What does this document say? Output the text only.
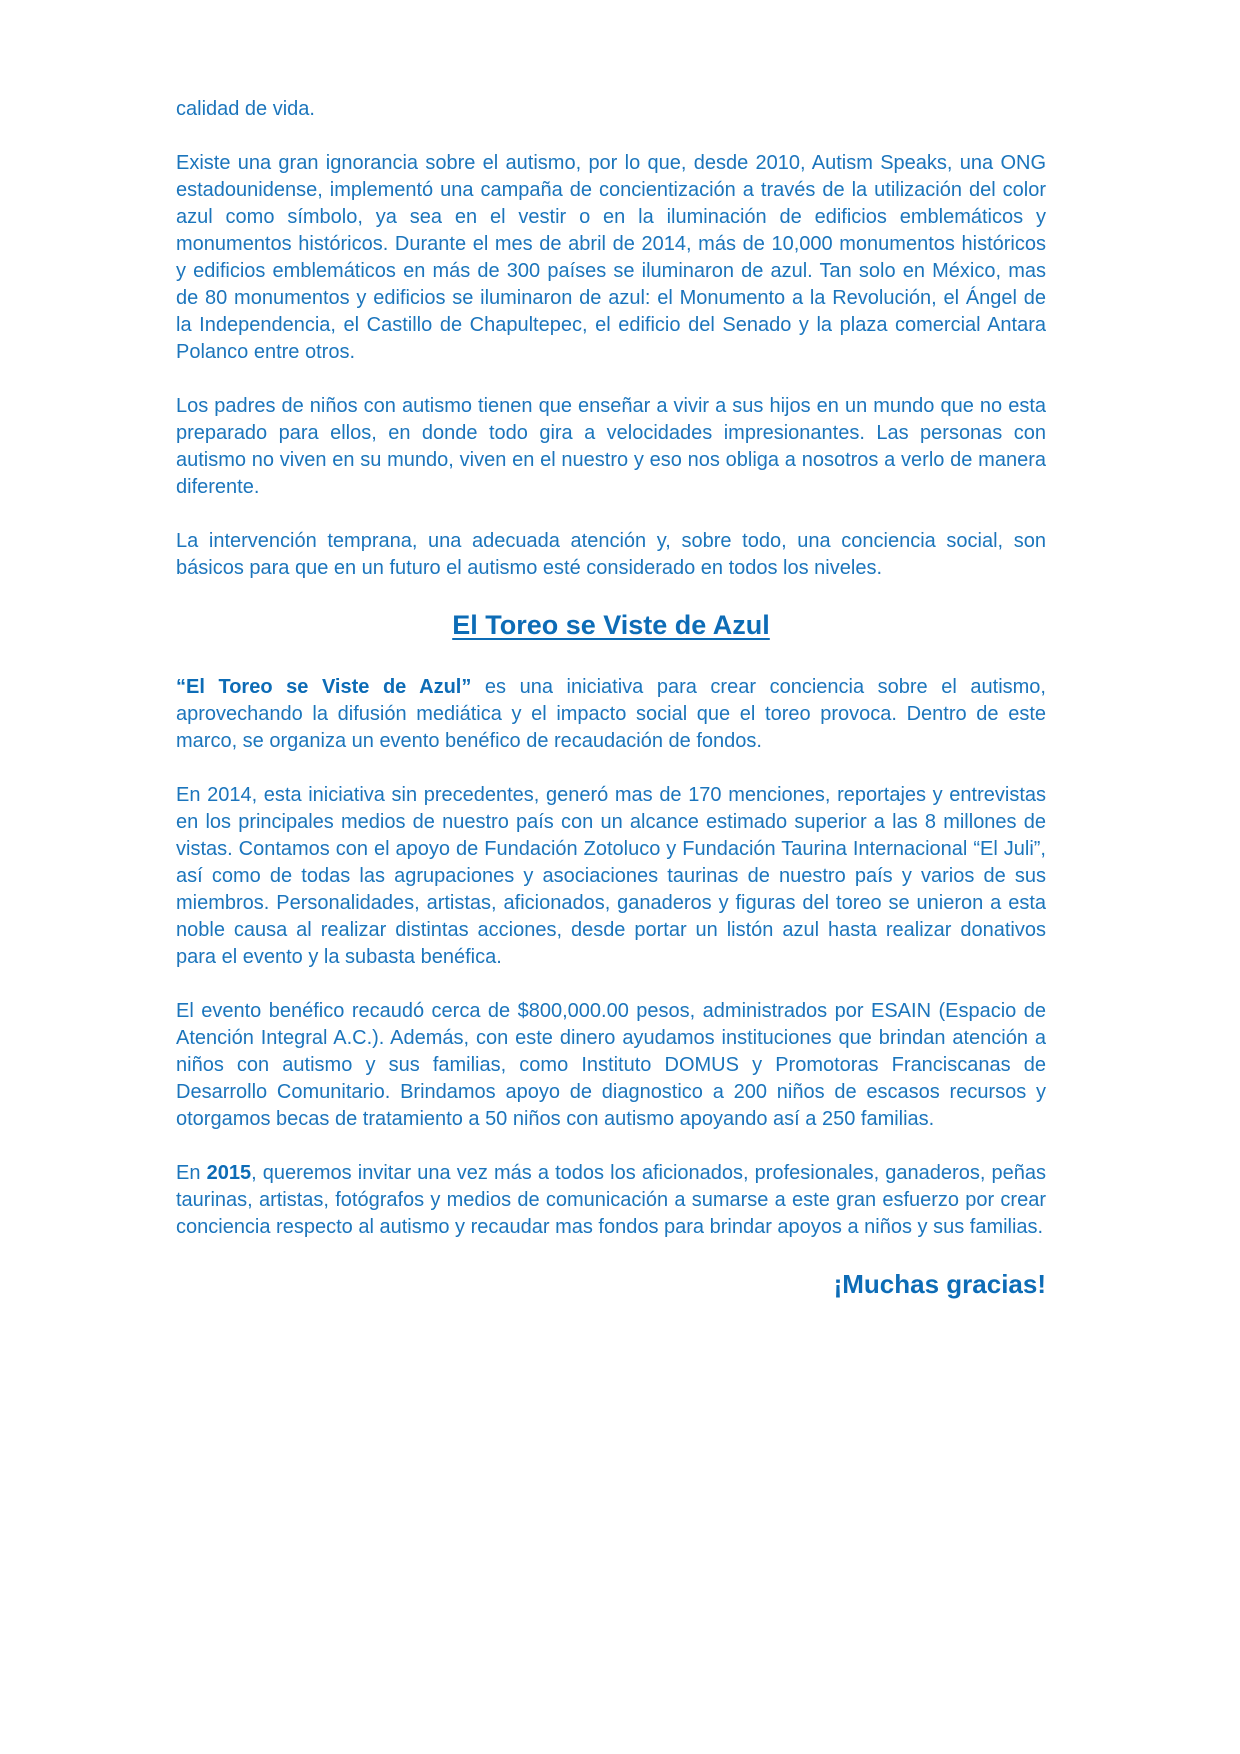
calidad de vida.

Existe una gran ignorancia sobre el autismo, por lo que, desde 2010, Autism Speaks, una ONG estadounidense, implementó una campaña de concientización a través de la utilización del color azul como símbolo, ya sea en el vestir o en la iluminación de edificios emblemáticos y monumentos históricos. Durante el mes de abril de 2014, más de 10,000 monumentos históricos y edificios emblemáticos en más de 300 países se iluminaron de azul. Tan solo en México, mas de 80 monumentos y edificios se iluminaron de azul: el Monumento a la Revolución, el Ángel de la Independencia, el Castillo de Chapultepec, el edificio del Senado y la plaza comercial Antara Polanco entre otros.

Los padres de niños con autismo tienen que enseñar a vivir a sus hijos en un mundo que no esta preparado para ellos, en donde todo gira a velocidades impresionantes. Las personas con autismo no viven en su mundo, viven en el nuestro y eso nos obliga a nosotros a verlo de manera diferente.

La intervención temprana, una adecuada atención y, sobre todo, una conciencia social, son básicos para que en un futuro el autismo esté considerado en todos los niveles.

El Toreo se Viste de Azul

“El Toreo se Viste de Azul” es una iniciativa para crear conciencia sobre el autismo, aprovechando la difusión mediática y el impacto social que el toreo provoca. Dentro de este marco, se organiza un evento benéfico de recaudación de fondos.

En 2014, esta iniciativa sin precedentes, generó mas de 170 menciones, reportajes y entrevistas en los principales medios de nuestro país con un alcance estimado superior a las 8 millones de vistas. Contamos con el apoyo de Fundación Zotoluco y Fundación Taurina Internacional “El Juli”, así como de todas las agrupaciones y asociaciones taurinas de nuestro país y varios de sus miembros. Personalidades, artistas, aficionados, ganaderos y figuras del toreo se unieron a esta noble causa al realizar distintas acciones, desde portar un listón azul hasta realizar donativos para el evento y la subasta benéfica.

El evento benéfico recaudó cerca de $800,000.00 pesos, administrados por ESAIN (Espacio de Atención Integral A.C.). Además, con este dinero ayudamos instituciones que brindan atención a niños con autismo y sus familias, como Instituto DOMUS y Promotoras Franciscanas de Desarrollo Comunitario. Brindamos apoyo de diagnostico a 200 niños de escasos recursos y otorgamos becas de tratamiento a 50 niños con autismo apoyando así a 250 familias.

En 2015, queremos invitar una vez más a todos los aficionados, profesionales, ganaderos, peñas taurinas, artistas, fotógrafos y medios de comunicación a sumarse a este gran esfuerzo por crear conciencia respecto al autismo y recaudar mas fondos para brindar apoyos a niños y sus familias.

¡Muchas gracias!
